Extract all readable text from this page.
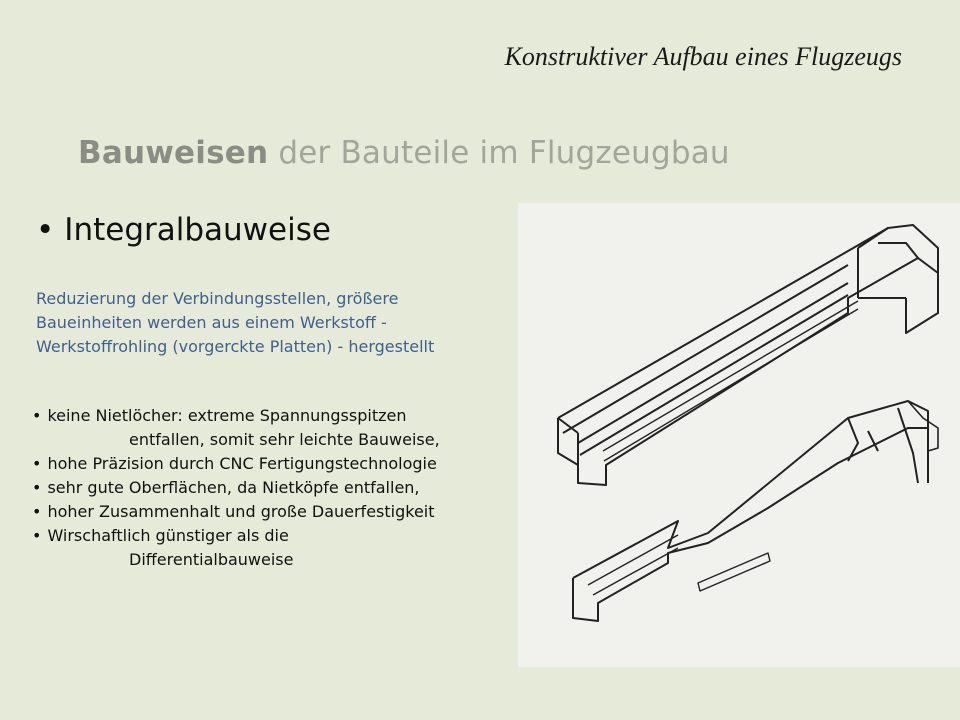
Konstruktiver Aufbau eines Flugzeugs
Bauweisen der Bauteile im Flugzeugbau
• Integralbauweise
Reduzierung der Verbindungsstellen, größere
Baueinheiten werden aus einem Werkstoff -
Werkstoffrohling (vorgerckte Platten) - hergestellt
• keine Nietlöcher: extreme Spannungsspitzen
entfallen, somit sehr leichte Bauweise,
• hohe Präzision durch CNC Fertigungstechnologie
• sehr gute Oberflächen, da Nietköpfe entfallen,
• hoher Zusammenhalt und große Dauerfestigkeit
• Wirschaftlich günstiger als die
Differentialbauweise
